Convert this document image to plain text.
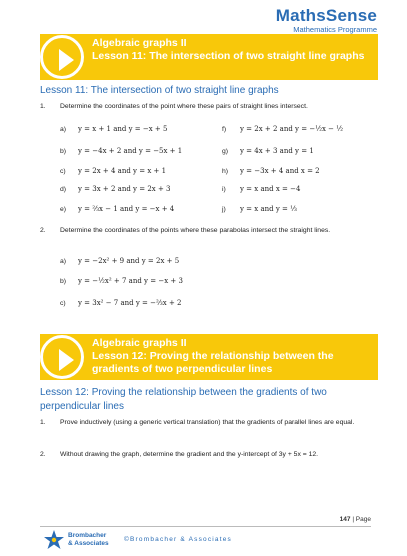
MathsSense
Mathematics Programme
Algebraic graphs II
Lesson 11: The intersection of two straight line graphs
Lesson 11: The intersection of two straight line graphs
1. Determine the coordinates of the point where these pairs of straight lines intersect.
a) y = x + 1 and y = −x + 5
b) y = −4x + 2 and y = −5x + 1
c) y = 2x + 4 and y = x + 1
d) y = 3x + 2 and y = 2x + 3
e) y = ⅔x − 1 and y = −x + 4
f) y = 2x + 2 and y = −½x − ½
g) y = 4x + 3 and y = 1
h) y = −3x + 4 and x = 2
i) y = x and x = −4
j) y = x and y = ⅓
2. Determine the coordinates of the points where these parabolas intersect the straight lines.
a) y = −2x² + 9 and y = 2x + 5
b) y = −½x² + 7 and y = −x + 3
c) y = 3x² − 7 and y = −⅔x + 2
Algebraic graphs II
Lesson 12: Proving the relationship between the gradients of two perpendicular lines
Lesson 12: Proving the relationship between the gradients of two perpendicular lines
1. Prove inductively (using a generic vertical translation) that the gradients of parallel lines are equal.
2. Without drawing the graph, determine the gradient and the y-intercept of 3y + 5x = 12.
147 | Page
Brombacher
& Associates
©Brombacher & Associates
